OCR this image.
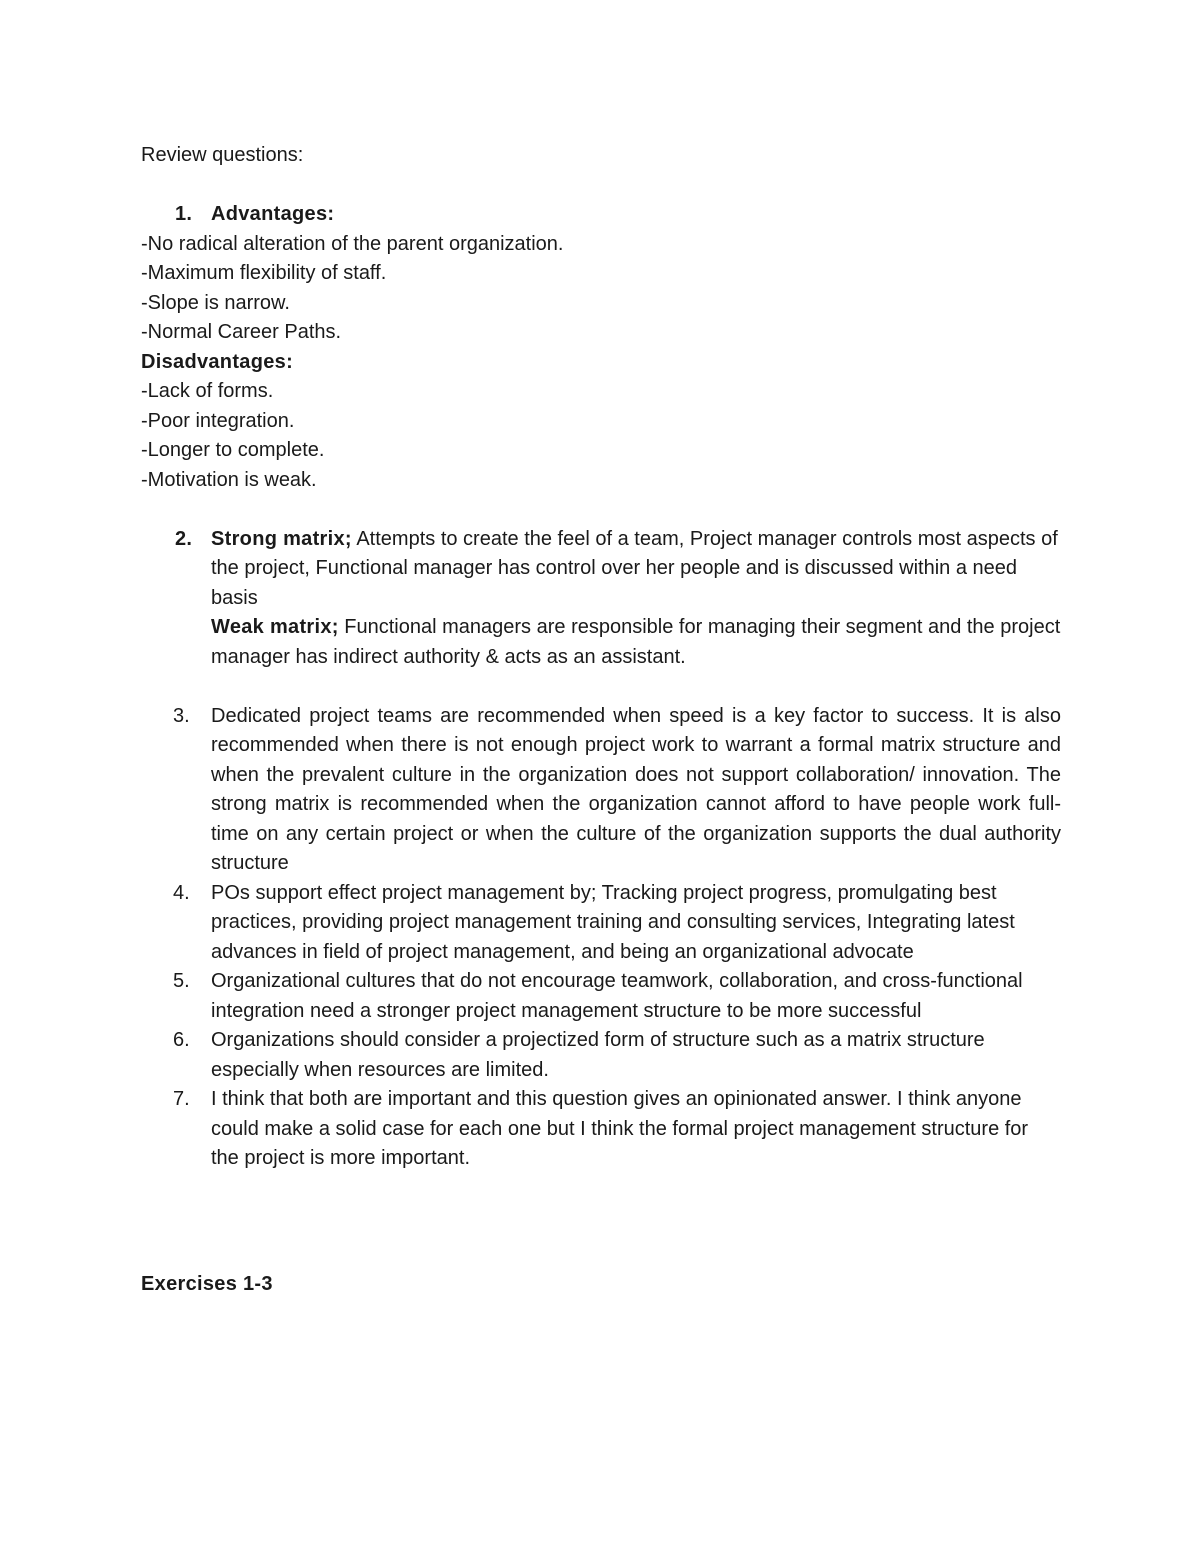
Review questions:
1. Advantages:
-No radical alteration of the parent organization.
-Maximum flexibility of staff.
-Slope is narrow.
-Normal Career Paths.
Disadvantages:
-Lack of forms.
-Poor integration.
-Longer to complete.
-Motivation is weak.
2. Strong matrix; Attempts to create the feel of a team, Project manager controls most aspects of the project, Functional manager has control over her people and is discussed within a need basis

Weak matrix; Functional managers are responsible for managing their segment and the project manager has indirect authority & acts as an assistant.

3. Dedicated project teams are recommended when speed is a key factor to success. It is also recommended when there is not enough project work to warrant a formal matrix structure and when the prevalent culture in the organization does not support collaboration/ innovation. The strong matrix is recommended when the organization cannot afford to have people work full-time on any certain project or when the culture of the organization supports the dual authority structure

4. POs support effect project management by; Tracking project progress, promulgating best practices, providing project management training and consulting services, Integrating latest advances in field of project management, and being an organizational advocate

5. Organizational cultures that do not encourage teamwork, collaboration, and cross-functional integration need a stronger project management structure to be more successful

6. Organizations should consider a projectized form of structure such as a matrix structure especially when resources are limited.

7. I think that both are important and this question gives an opinionated answer. I think anyone could make a solid case for each one but I think the formal project management structure for the project is more important.

Exercises 1-3
